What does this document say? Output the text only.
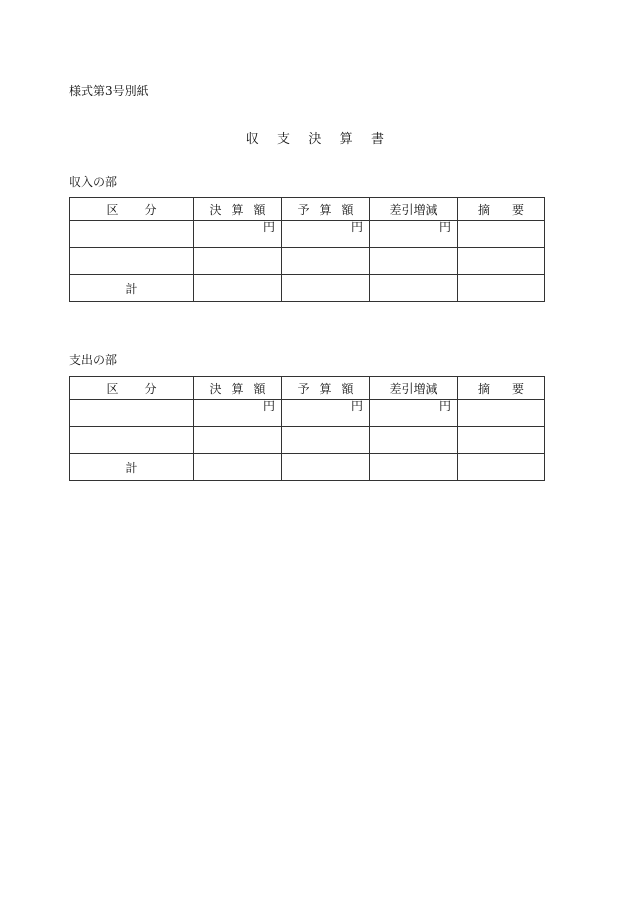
様式第3号別紙
収 支 決 算 書
収入の部
区 分	決 算 額	予 算 額	差引増減	摘 要
	円	円	円	

計				
支出の部
区 分	決 算 額	予 算 額	差引増減	摘 要
	円	円	円	

計				
